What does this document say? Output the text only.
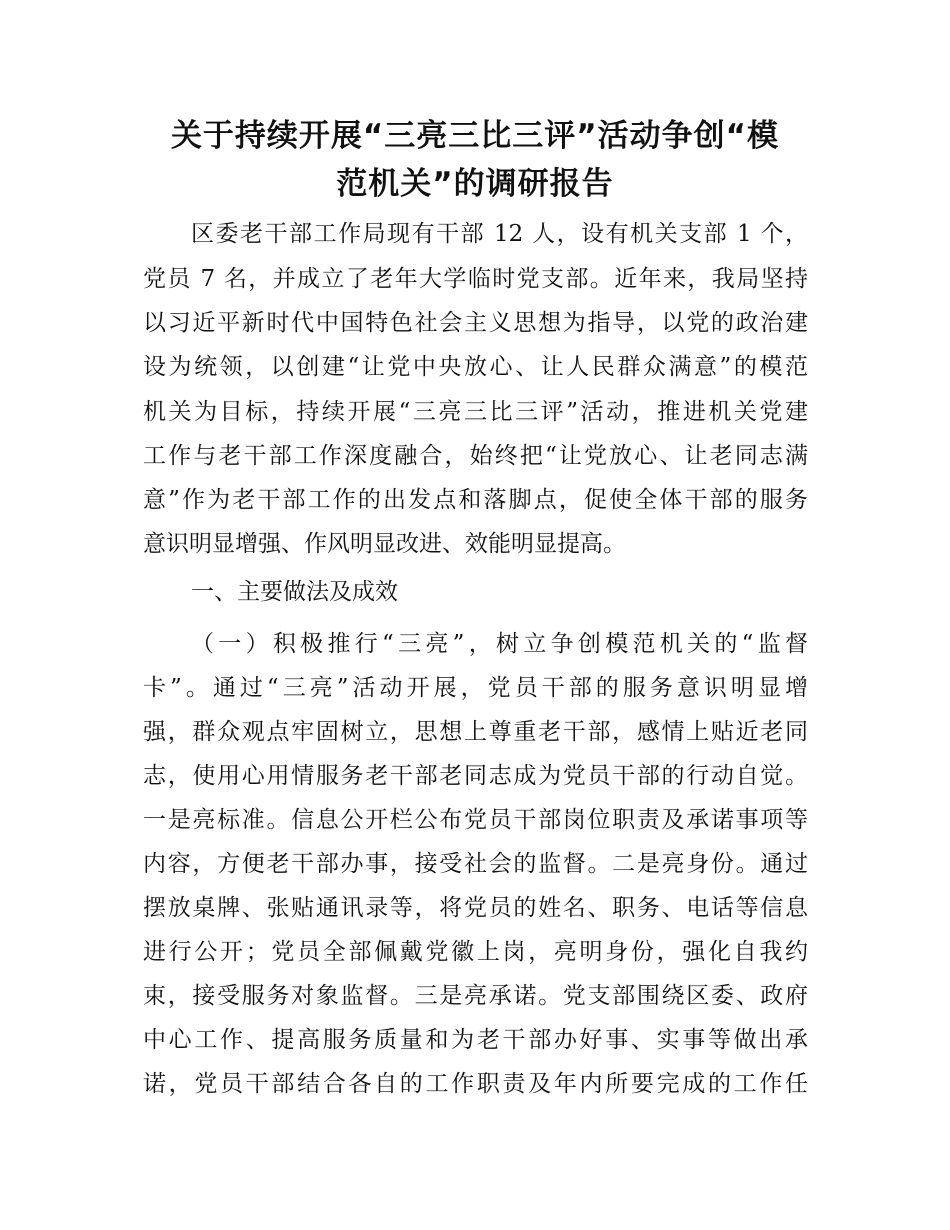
关于持续开展“三亮三比三评”活动争创“模
范机关”的调研报告

区委老干部工作局现有干部 12 人，设有机关支部 1 个，

党员 7 名，并成立了老年大学临时党支部。近年来，我局坚持

以习近平新时代中国特色社会主义思想为指导，以党的政治建

设为统领，以创建“让党中央放心、让人民群众满意”的模范

机关为目标，持续开展“三亮三比三评”活动，推进机关党建

工作与老干部工作深度融合，始终把“让党放心、让老同志满

意”作为老干部工作的出发点和落脚点，促使全体干部的服务

意识明显增强、作风明显改进、效能明显提高。

一、主要做法及成效

（一）积极推行“三亮”，树立争创模范机关的“监督

卡”。通过“三亮”活动开展，党员干部的服务意识明显增

强，群众观点牢固树立，思想上尊重老干部，感情上贴近老同

志，使用心用情服务老干部老同志成为党员干部的行动自觉。

一是亮标准。信息公开栏公布党员干部岗位职责及承诺事项等

内容，方便老干部办事，接受社会的监督。二是亮身份。通过

摆放桌牌、张贴通讯录等，将党员的姓名、职务、电话等信息

进行公开；党员全部佩戴党徽上岗，亮明身份，强化自我约

束，接受服务对象监督。三是亮承诺。党支部围绕区委、政府

中心工作、提高服务质量和为老干部办好事、实事等做出承

诺，党员干部结合各自的工作职责及年内所要完成的工作任
